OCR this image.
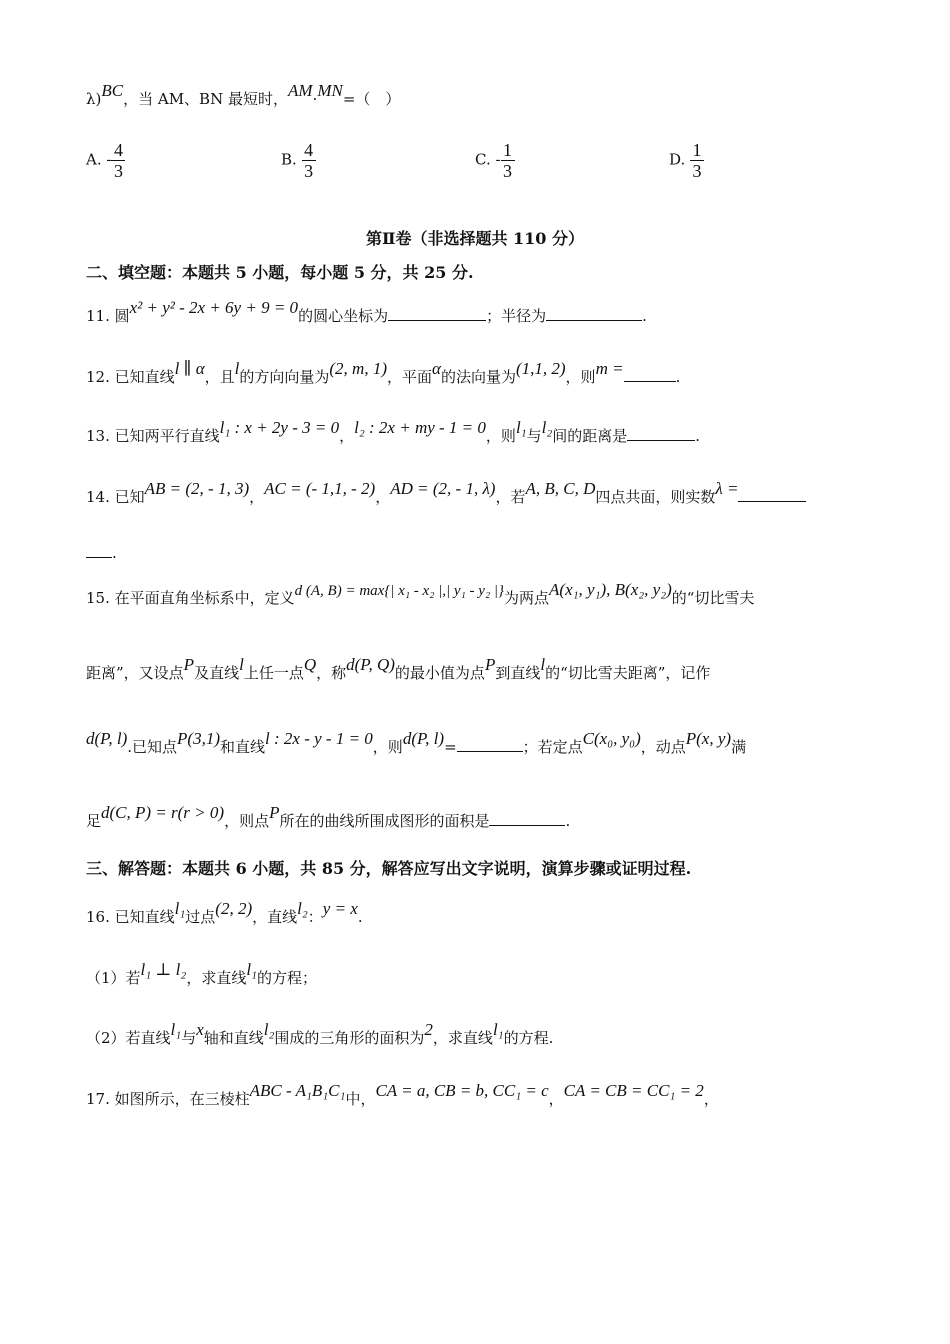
λ)BC，当 AM、BN 最短时，AM·MN=（　）
A. - $\frac{4}{3}$	B. $\frac{4}{3}$	C. - $\frac{1}{3}$	D. $\frac{1}{3}$
第Ⅱ卷（非选择题共 110 分）
二、填空题：本题共 5 小题，每小题 5 分，共 25 分.
11. 圆x² + y² - 2x + 6y + 9 = 0的圆心坐标为	；半径为	.
12. 已知直线l ∥ α，且l的方向向量为(2, m, 1)，平面α的法向量为(1,1, 2)，则m =	.
13. 已知两平行直线l₁ : x + 2y - 3 = 0，l₂ : 2x + my - 1 = 0，则l₁与l₂间的距离是	.
14. 已知AB = (2, - 1, 3)，AC = (- 1,1, - 2)，AD = (2, - 1, λ)，若A, B, C, D四点共面，则实数λ =
.
15. 在平面直角坐标系中，定义d (A, B) = max{| x₁ - x₂ |,| y₁ - y₂ |}为两点A(x₁, y₁), B(x₂, y₂)的“切比雪夫
距离”，又设点P及直线l上任一点Q，称d(P, Q)的最小值为点P到直线l的“切比雪夫距离”，记作
d(P, l).已知点P(3,1)和直线l : 2x - y - 1 = 0，则d(P, l)=	；若定点C(x₀, y₀)，动点P(x, y)满
足d(C, P) = r(r > 0)，则点P所在的曲线所围成图形的面积是	.
三、解答题：本题共 6 小题，共 85 分，解答应写出文字说明，演算步骤或证明过程.
16. 已知直线l₁过点(2, 2)，直线l₂：y = x.
（1）若l₁ ⊥ l₂，求直线l₁的方程；
（2）若直线l₁与x轴和直线l₂围成的三角形的面积为2，求直线l₁的方程.
17. 如图所示，在三棱柱ABC - A₁B₁C₁中，CA = a, CB = b, CC₁ = c，CA = CB = CC₁ = 2，
